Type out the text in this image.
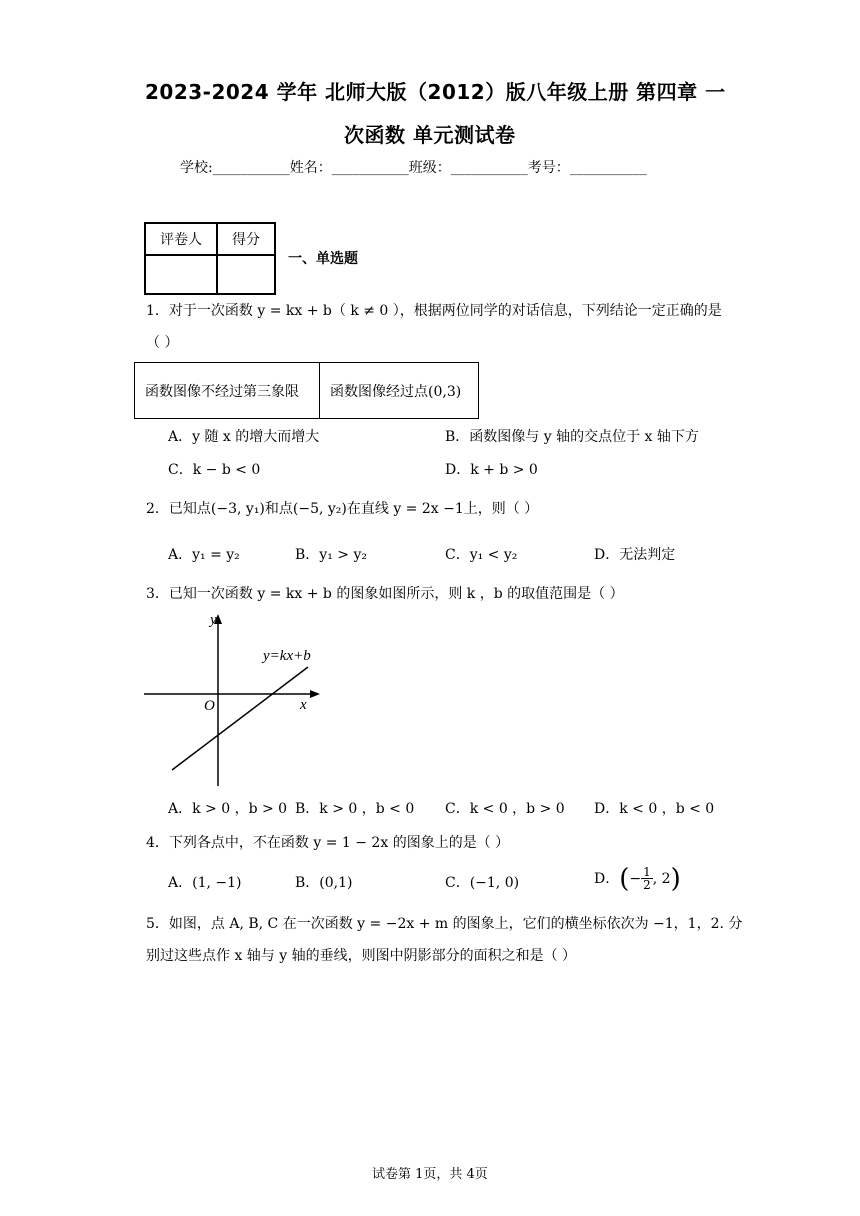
2023-2024 学年 北师大版（2012）版八年级上册 第四章 一
次函数 单元测试卷
学校:___________姓名：___________班级：___________考号：___________
评卷人	得分

一、单选题
1．对于一次函数 y = kx + b（ k ≠ 0 ），根据两位同学的对话信息，下列结论一定正确的是
（ ）
函数图像不经过第三象限	函数图像经过点(0,3)
A．y 随 x 的增大而增大	B．函数图像与 y 轴的交点位于 x 轴下方
C．k − b < 0	D．k + b > 0
2．已知点(−3, y₁)和点(−5, y₂)在直线 y = 2x −1上，则（ ）
A．y₁ = y₂	B．y₁ > y₂	C．y₁ < y₂	D．无法判定
3．已知一次函数 y = kx + b 的图象如图所示，则 k ，b 的取值范围是（ ）
y
x
O
y=kx+b
A．k > 0 ，b > 0 B．k > 0 ，b < 0 C．k < 0 ，b > 0 D．k < 0 ，b < 0
4．下列各点中，不在函数 y = 1 − 2x 的图象上的是（ ）
A．(1, −1)	B．(0,1)	C．(−1, 0)	D． ( − $\frac{1}{2}$ , 2 )
5．如图，点 A, B, C 在一次函数 y = −2x + m 的图象上，它们的横坐标依次为 −1，1，2. 分
别过这些点作 x 轴与 y 轴的垂线，则图中阴影部分的面积之和是（ ）
试卷第 1页，共 4页
